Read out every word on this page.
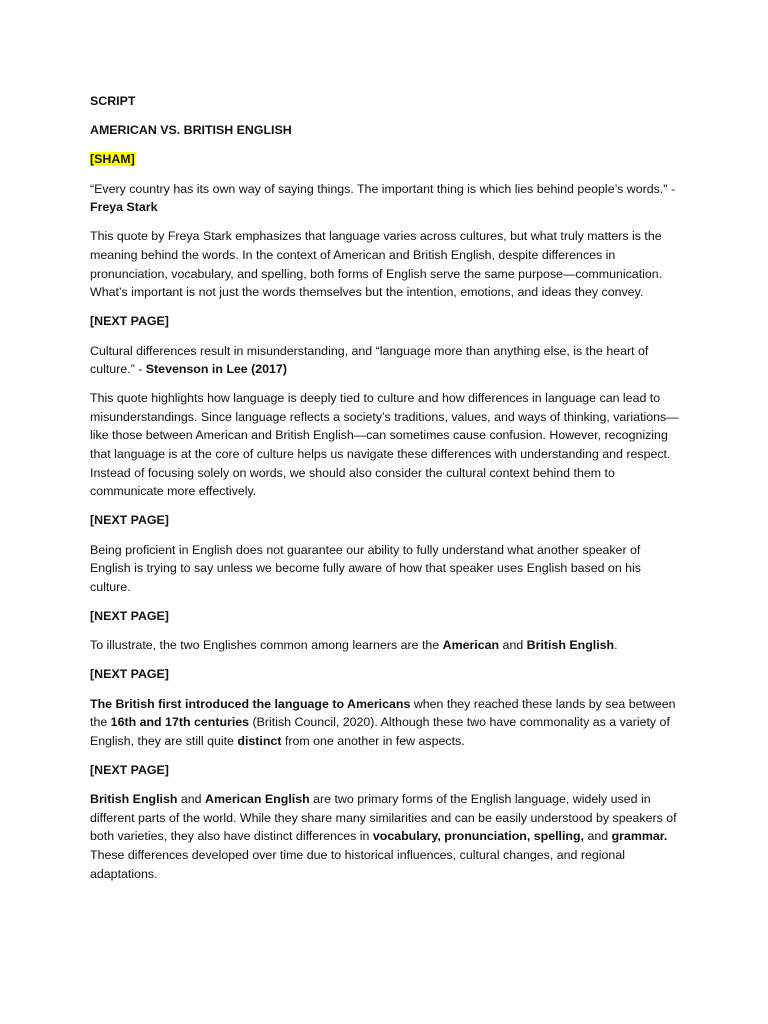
SCRIPT

AMERICAN VS. BRITISH ENGLISH

[SHAM]

“Every country has its own way of saying things. The important thing is which lies behind people’s words." - Freya Stark

This quote by Freya Stark emphasizes that language varies across cultures, but what truly matters is the meaning behind the words. In the context of American and British English, despite differences in pronunciation, vocabulary, and spelling, both forms of English serve the same purpose—communication. What’s important is not just the words themselves but the intention, emotions, and ideas they convey.

[NEXT PAGE]

Cultural differences result in misunderstanding, and “language more than anything else, is the heart of culture.” - Stevenson in Lee (2017)

This quote highlights how language is deeply tied to culture and how differences in language can lead to misunderstandings. Since language reflects a society’s traditions, values, and ways of thinking, variations—like those between American and British English—can sometimes cause confusion. However, recognizing that language is at the core of culture helps us navigate these differences with understanding and respect. Instead of focusing solely on words, we should also consider the cultural context behind them to communicate more effectively.

[NEXT PAGE]

Being proficient in English does not guarantee our ability to fully understand what another speaker of English is trying to say unless we become fully aware of how that speaker uses English based on his culture.

[NEXT PAGE]

To illustrate, the two Englishes common among learners are the American and British English.

[NEXT PAGE]

The British first introduced the language to Americans when they reached these lands by sea between the 16th and 17th centuries (British Council, 2020). Although these two have commonality as a variety of English, they are still quite distinct from one another in few aspects.

[NEXT PAGE]

British English and American English are two primary forms of the English language, widely used in different parts of the world. While they share many similarities and can be easily understood by speakers of both varieties, they also have distinct differences in vocabulary, pronunciation, spelling, and grammar. These differences developed over time due to historical influences, cultural changes, and regional adaptations.
